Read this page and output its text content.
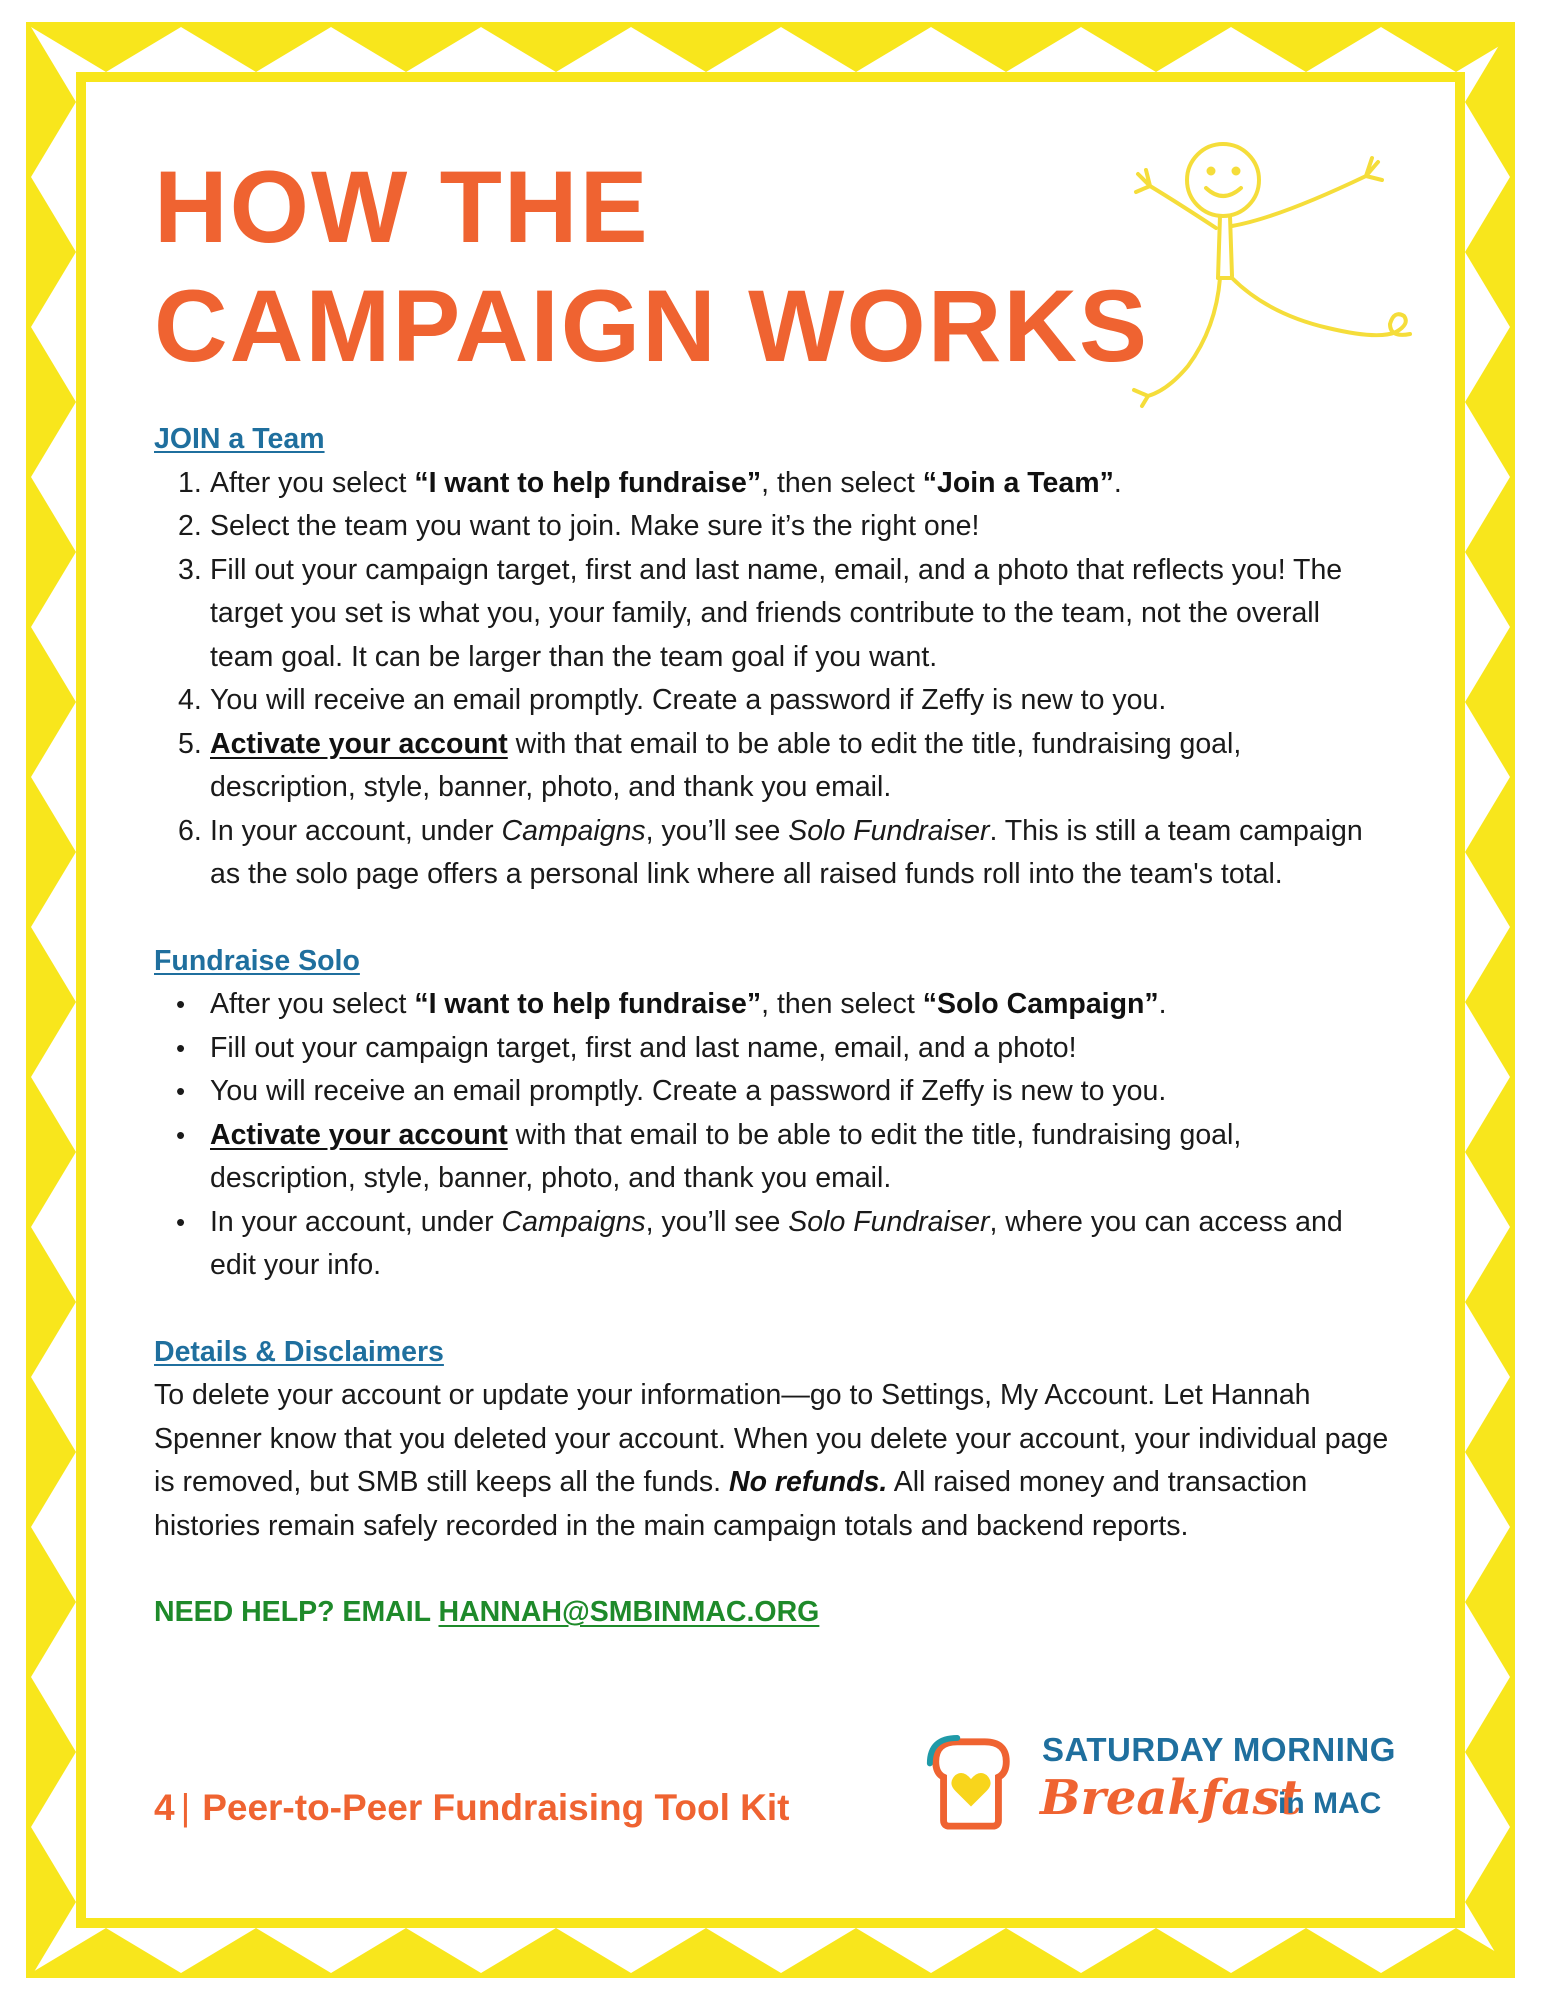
HOW THE
CAMPAIGN WORKS

JOIN a Team

1. After you select “I want to help fundraise”, then select “Join a Team”.
2. Select the team you want to join. Make sure it’s the right one!
3. Fill out your campaign target, first and last name, email, and a photo that reflects you! The target you set is what you, your family, and friends contribute to the team, not the overall team goal. It can be larger than the team goal if you want.
4. You will receive an email promptly. Create a password if Zeffy is new to you.
5. Activate your account with that email to be able to edit the title, fundraising goal, description, style, banner, photo, and thank you email.
6. In your account, under Campaigns, you’ll see Solo Fundraiser. This is still a team campaign as the solo page offers a personal link where all raised funds roll into the team's total.

Fundraise Solo

• After you select “I want to help fundraise”, then select “Solo Campaign”.
• Fill out your campaign target, first and last name, email, and a photo!
• You will receive an email promptly. Create a password if Zeffy is new to you.
• Activate your account with that email to be able to edit the title, fundraising goal, description, style, banner, photo, and thank you email.
• In your account, under Campaigns, you’ll see Solo Fundraiser, where you can access and edit your info.

Details & Disclaimers

To delete your account or update your information—go to Settings, My Account. Let Hannah Spenner know that you deleted your account. When you delete your account, your individual page is removed, but SMB still keeps all the funds. No refunds. All raised money and transaction histories remain safely recorded in the main campaign totals and backend reports.

NEED HELP? EMAIL HANNAH@SMBINMAC.ORG

4 | Peer-to-Peer Fundraising Tool Kit
SATURDAY MORNING
Breakfast
in MAC
